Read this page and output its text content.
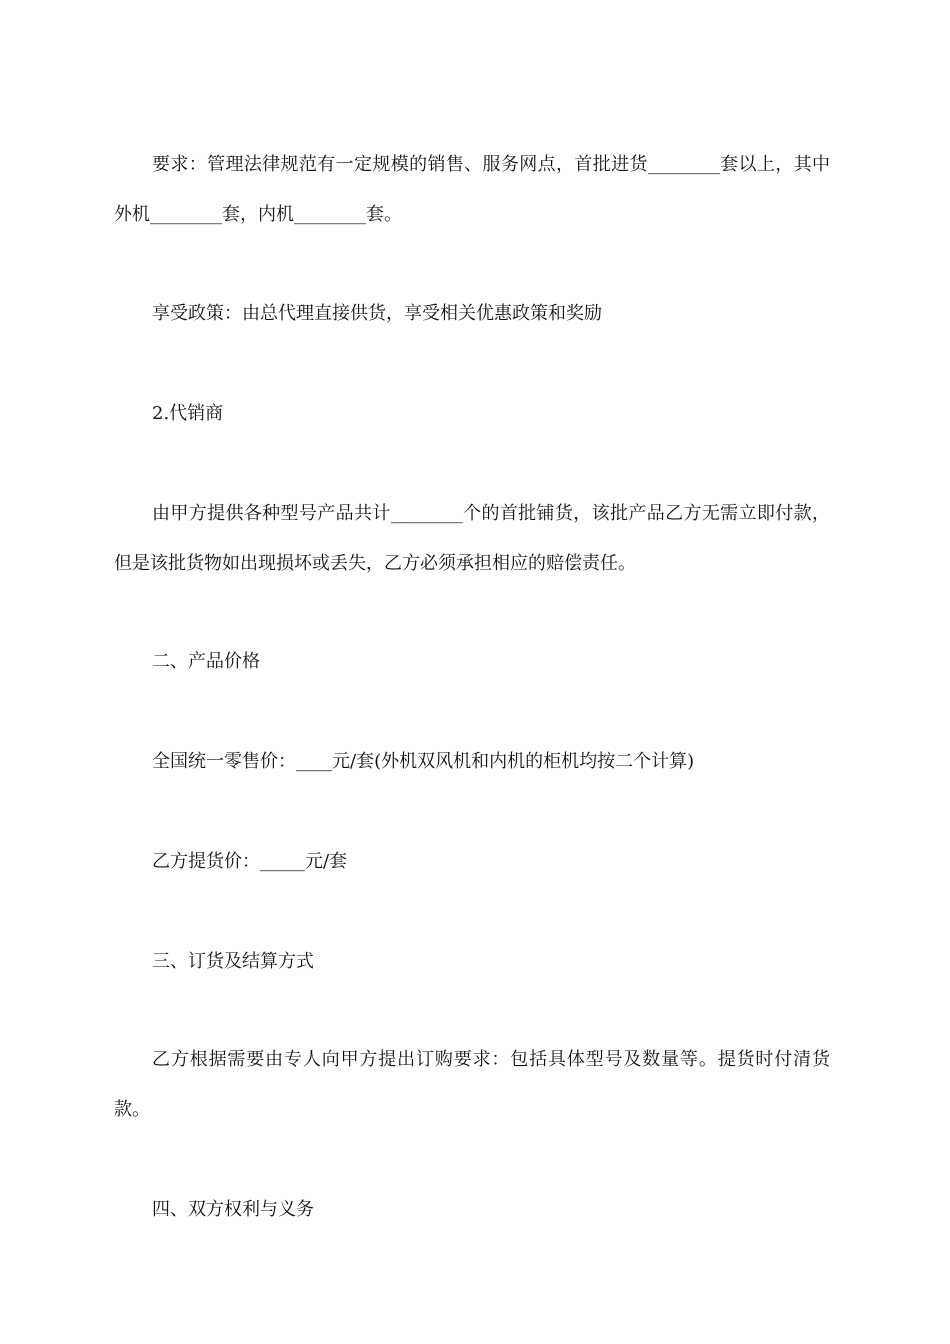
要求：管理法律规范有一定规模的销售、服务网点，首批进货________套以上，其中外机________套，内机________套。

享受政策：由总代理直接供货，享受相关优惠政策和奖励

2.代销商

由甲方提供各种型号产品共计________个的首批铺货，该批产品乙方无需立即付款，但是该批货物如出现损坏或丢失，乙方必须承担相应的赔偿责任。

二、产品价格

全国统一零售价：____元/套(外机双风机和内机的柜机均按二个计算)

乙方提货价：_____元/套

三、订货及结算方式

乙方根据需要由专人向甲方提出订购要求：包括具体型号及数量等。提货时付清货款。

四、双方权利与义务
